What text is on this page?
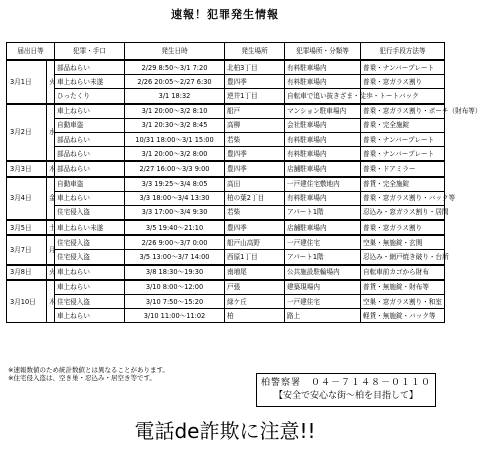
速報！犯罪発生情報
届出日等		犯罪・手口	発生日時	発生場所	犯罪場所・分類等	犯行手段方法等
3月1日	火	部品ねらい	2/29 8:50～3/1 7:20	北柏3丁目	有料駐車場内	普乗・ナンバープレート
		車上ねらい未遂	2/26 20:05～2/27 6:30	豊四季	有料駐車場内	普乗・窓ガラス割り
		ひったくり	3/1 18:32	逆井1丁目	自転車で追い抜きざま・徒歩・トートバック	
3月2日	水	車上ねらい	3/1 20:00～3/2 8:10	船戸	マンション駐車場内	普乗・窓ガラス割り・ポーチ（財布等）
		自動車盗	3/1 20:30～3/2 8:45	高柳	会社駐車場内	普乗・完全施錠
		部品ねらい	10/31 18:00～3/1 15:00	若柴	有料駐車場内	普乗・ナンバープレート
		部品ねらい	3/1 20:00～3/2 8:00	豊四季	有料駐車場内	普乗・ナンバープレート
3月3日	木	部品ねらい	2/27 16:00～3/3 9:00	豊四季	店舗駐車場内	普乗・ドアミラー
3月4日	金	自動車盗	3/3 19:25～3/4 8:05	高田	一戸建住宅敷地内	普貨・完全施錠
		車上ねらい	3/3 18:00～3/4 13:30	柏の葉2丁目	有料駐車場内	普乗・窓ガラス割り・バック等
		住宅侵入盗	3/3 17:00～3/4 9:30	若柴	アパート1階	忍込み・窓ガラス割り・居間
3月5日	土	車上ねらい未遂	3/5 19:40～21:10	豊四季	店舗駐車場内	普乗・窓ガラス割り
3月7日	月	住宅侵入盗	2/26 9:00～3/7 0:00	船戸山高野	一戸建住宅	空巣・無施錠・玄関
		住宅侵入盗	3/5 13:00～3/7 14:00	西原1丁目	アパート1階	忍込み・網戸焼き破り・台所
3月8日	火	車上ねらい	3/8 18:30～19:30	南増尾	公共施設駐輪場内	自転車前カゴから財布
3月10日	木	車上ねらい	3/10 8:00～12:00	戸張	建築現場内	普貨・無施錠・財布等
		住宅侵入盗	3/10 7:50～15:20	緑ケ丘	一戸建住宅	空巣・窓ガラス割り・和室
		車上ねらい	3/10 11:00～11:02	柏	路上	軽貨・無施錠・バック等
※速報数値のため統計数値とは異なることがあります。
※住宅侵入盗は、空き巣・忍込み・居空き等です。	柏警察署　０４－７１４８－０１１０
【安全で安心な街～柏を目指して】
電話de詐欺に注意!!
